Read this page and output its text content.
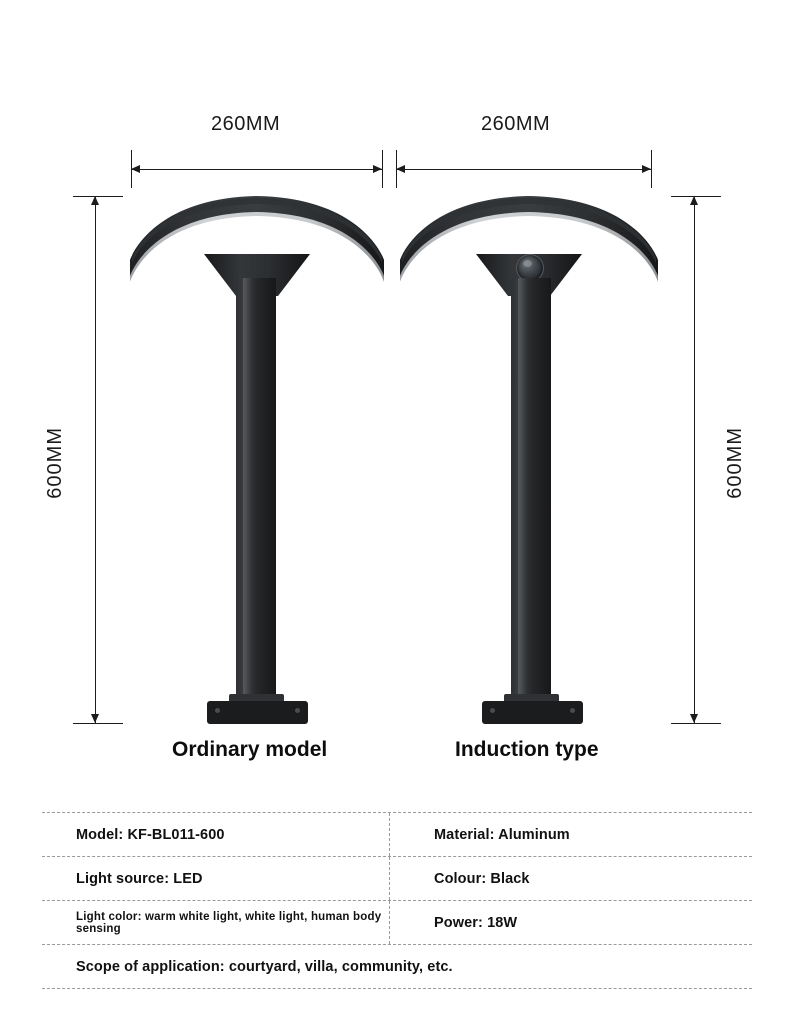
260MM	260MM
600MM	600MM
Ordinary model	Induction type
Model: KF-BL011-600	Material: Aluminum
Light source: LED	Colour: Black
Light color: warm white light, white light, human body sensing	Power: 18W
Scope of application: courtyard, villa, community, etc.
